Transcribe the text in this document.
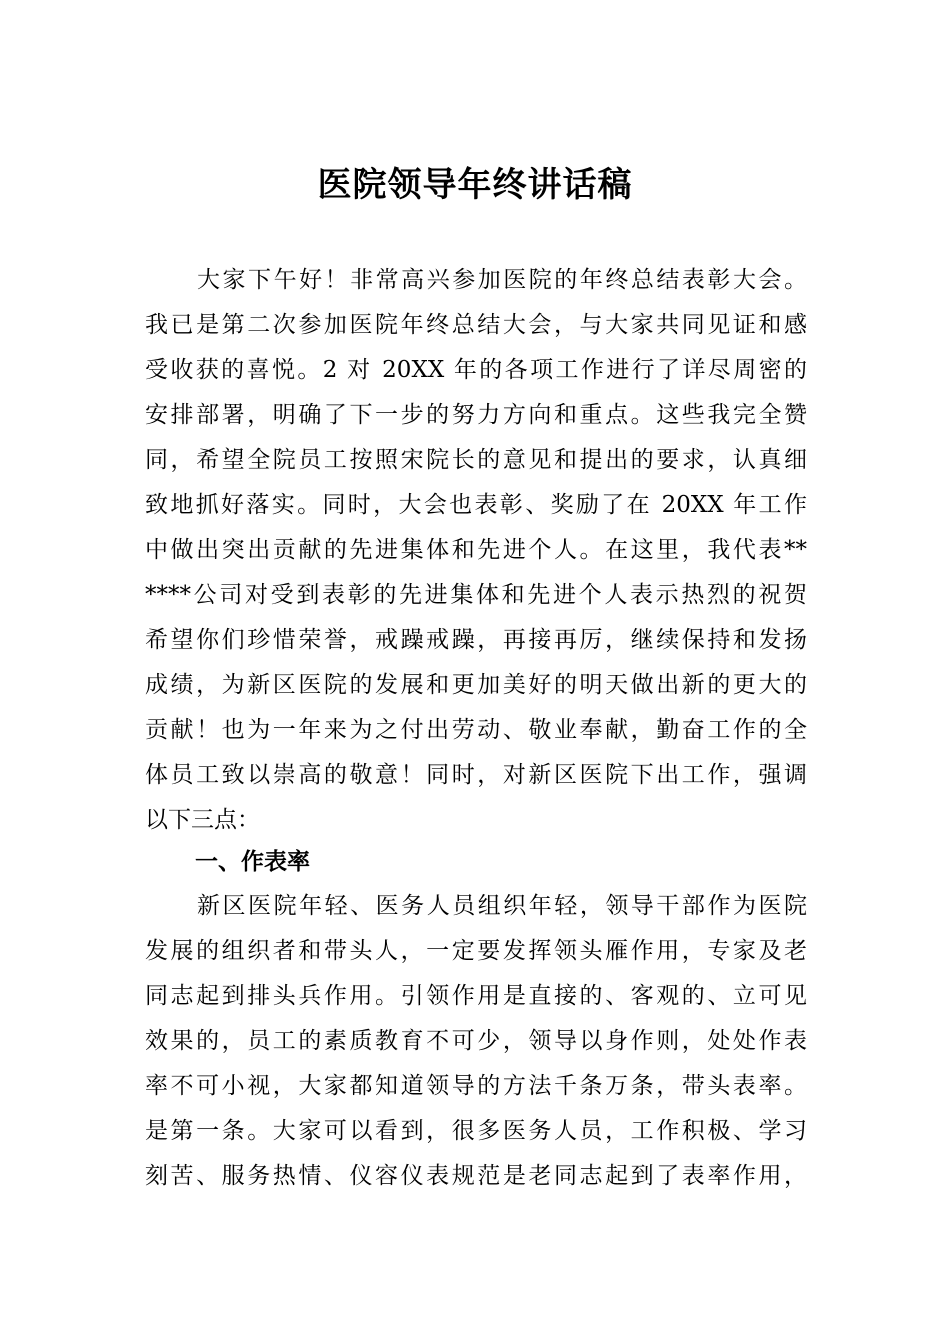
医院领导年终讲话稿
大家下午好！非常高兴参加医院的年终总结表彰大会。
我已是第二次参加医院年终总结大会，与大家共同见证和感
受收获的喜悦。2 对 20XX 年的各项工作进行了详尽周密的
安排部署，明确了下一步的努力方向和重点。这些我完全赞
同，希望全院员工按照宋院长的意见和提出的要求，认真细
致地抓好落实。同时，大会也表彰、奖励了在 20XX 年工作
中做出突出贡献的先进集体和先进个人。在这里，我代表**
****公司对受到表彰的先进集体和先进个人表示热烈的祝贺
希望你们珍惜荣誉，戒躁戒躁，再接再厉，继续保持和发扬
成绩，为新区医院的发展和更加美好的明天做出新的更大的
贡献！也为一年来为之付出劳动、敬业奉献，勤奋工作的全
体员工致以崇高的敬意！同时，对新区医院下出工作，强调
以下三点：
一、作表率
新区医院年轻、医务人员组织年轻，领导干部作为医院
发展的组织者和带头人，一定要发挥领头雁作用，专家及老
同志起到排头兵作用。引领作用是直接的、客观的、立可见
效果的，员工的素质教育不可少，领导以身作则，处处作表
率不可小视，大家都知道领导的方法千条万条，带头表率。
是第一条。大家可以看到，很多医务人员，工作积极、学习
刻苦、服务热情、仪容仪表规范是老同志起到了表率作用，
